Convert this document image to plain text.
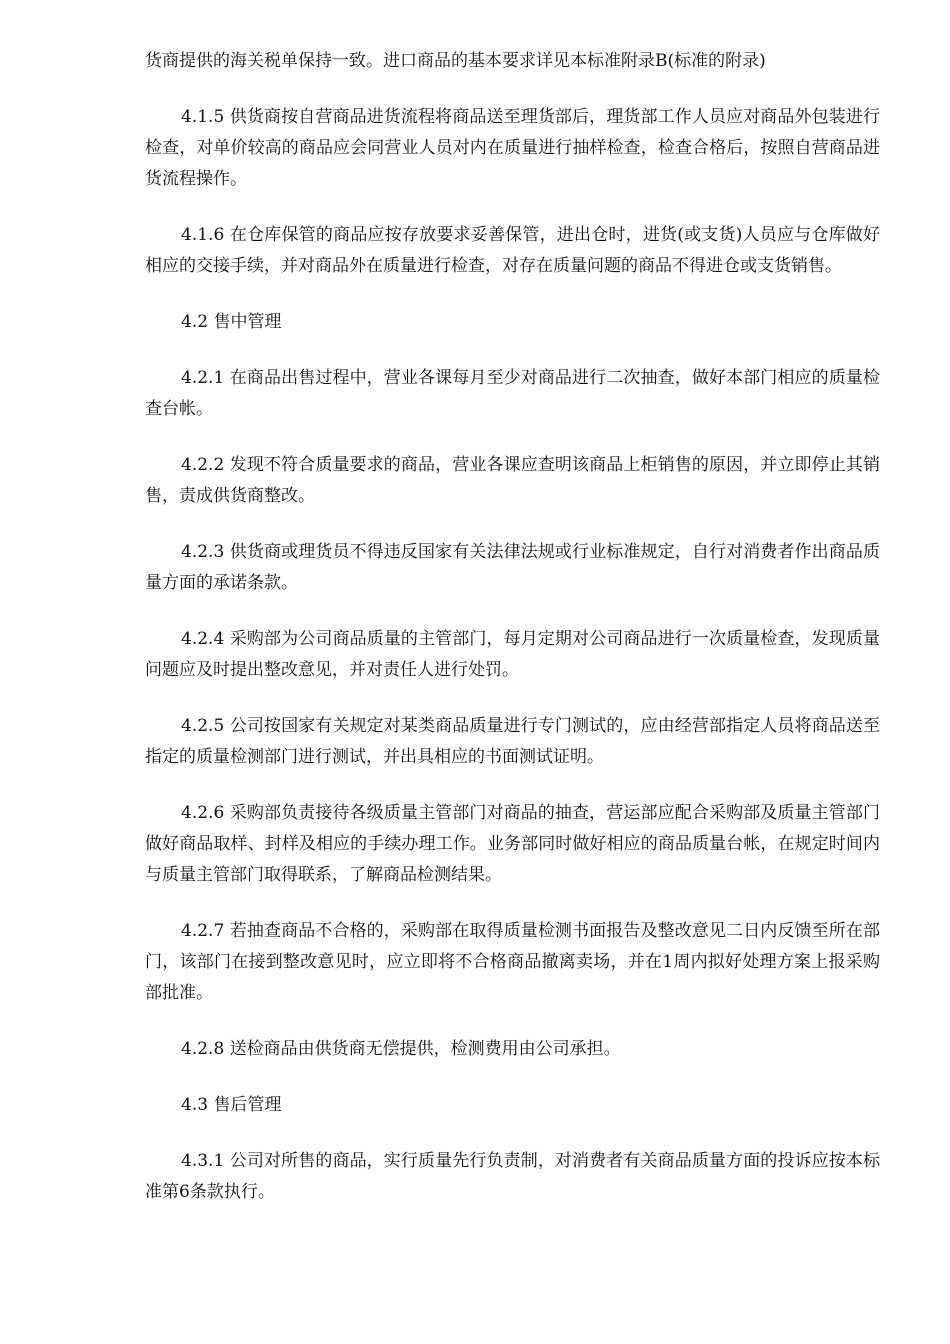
货商提供的海关税单保持一致。进口商品的基本要求详见本标准附录B(标准的附录)

4.1.5 供货商按自营商品进货流程将商品送至理货部后，理货部工作人员应对商品外包装进行检查，对单价较高的商品应会同营业人员对内在质量进行抽样检查，检查合格后，按照自营商品进货流程操作。

4.1.6 在仓库保管的商品应按存放要求妥善保管，进出仓时，进货(或支货)人员应与仓库做好相应的交接手续，并对商品外在质量进行检查，对存在质量问题的商品不得进仓或支货销售。

4.2 售中管理

4.2.1 在商品出售过程中，营业各课每月至少对商品进行二次抽查，做好本部门相应的质量检查台帐。

4.2.2 发现不符合质量要求的商品，营业各课应查明该商品上柜销售的原因，并立即停止其销售，责成供货商整改。

4.2.3 供货商或理货员不得违反国家有关法律法规或行业标准规定，自行对消费者作出商品质量方面的承诺条款。

4.2.4 采购部为公司商品质量的主管部门，每月定期对公司商品进行一次质量检查，发现质量问题应及时提出整改意见，并对责任人进行处罚。

4.2.5 公司按国家有关规定对某类商品质量进行专门测试的，应由经营部指定人员将商品送至指定的质量检测部门进行测试，并出具相应的书面测试证明。

4.2.6 采购部负责接待各级质量主管部门对商品的抽查，营运部应配合采购部及质量主管部门做好商品取样、封样及相应的手续办理工作。业务部同时做好相应的商品质量台帐，在规定时间内与质量主管部门取得联系，了解商品检测结果。

4.2.7 若抽查商品不合格的，采购部在取得质量检测书面报告及整改意见二日内反馈至所在部门，该部门在接到整改意见时，应立即将不合格商品撤离卖场，并在1周内拟好处理方案上报采购部批准。

4.2.8 送检商品由供货商无偿提供，检测费用由公司承担。

4.3 售后管理

4.3.1 公司对所售的商品，实行质量先行负责制，对消费者有关商品质量方面的投诉应按本标准第6条款执行。
